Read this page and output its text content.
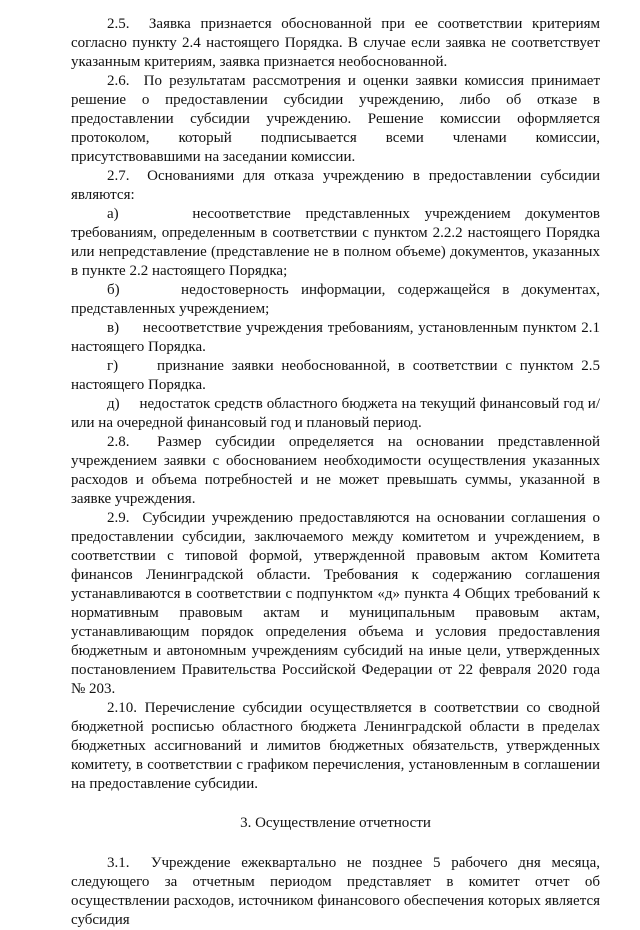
2.5.  Заявка признается обоснованной при ее соответствии критериям согласно пункту 2.4 настоящего Порядка. В случае если заявка не соответствует указанным критериям, заявка признается необоснованной.

2.6.  По результатам рассмотрения и оценки заявки комиссия принимает решение о предоставлении субсидии учреждению, либо об отказе в предоставлении субсидии учреждению. Решение комиссии оформляется протоколом, который подписывается всеми членами комиссии, присутствовавшими на заседании комиссии.

2.7.  Основаниями для отказа учреждению в предоставлении субсидии являются:

а)     несоответствие представленных учреждением документов требованиям, определенным в соответствии с пунктом 2.2.2 настоящего Порядка или непредставление (представление не в полном объеме) документов, указанных в пункте 2.2 настоящего Порядка;

б)     недостоверность информации, содержащейся в документах, представленных учреждением;

в)     несоответствие учреждения требованиям, установленным пунктом 2.1 настоящего Порядка.

г)     признание заявки необоснованной, в соответствии с пунктом 2.5 настоящего Порядка.

д)     недостаток средств областного бюджета на текущий финансовый год и/или на очередной финансовый год и плановый период.

2.8.  Размер субсидии определяется на основании представленной учреждением заявки с обоснованием необходимости осуществления указанных расходов и объема потребностей и не может превышать суммы, указанной в заявке учреждения.

2.9.  Субсидии учреждению предоставляются на основании соглашения о предоставлении субсидии, заключаемого между комитетом и учреждением, в соответствии с типовой формой, утвержденной правовым актом Комитета финансов Ленинградской области. Требования к содержанию соглашения устанавливаются в соответствии с подпунктом «д» пункта 4 Общих требований к нормативным правовым актам и муниципальным правовым актам, устанавливающим порядок определения объема и условия предоставления бюджетным и автономным учреждениям субсидий на иные цели, утвержденных постановлением Правительства Российской Федерации от 22 февраля 2020 года № 203.

2.10. Перечисление субсидии осуществляется в соответствии со сводной бюджетной росписью областного бюджета Ленинградской области в пределах бюджетных ассигнований и лимитов бюджетных обязательств, утвержденных комитету, в соответствии с графиком перечисления, установленным в соглашении на предоставление субсидии.

3. Осуществление отчетности

3.1.  Учреждение ежеквартально не позднее 5 рабочего дня месяца, следующего за отчетным периодом представляет в комитет отчет об осуществлении расходов, источником финансового обеспечения которых является субсидия
